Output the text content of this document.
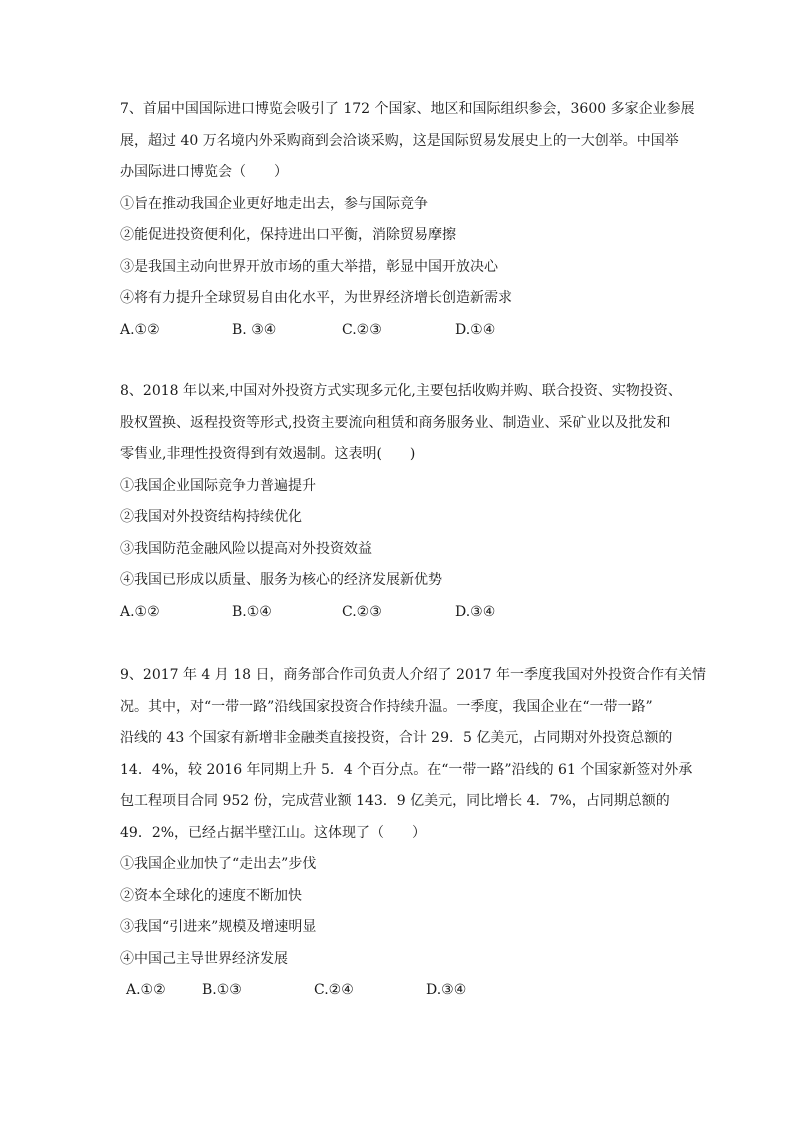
7、首届中国国际进口博览会吸引了 172 个国家、地区和国际组织参会，3600 多家企业参展
展，超过 40 万名境内外采购商到会洽谈采购，这是国际贸易发展史上的一大创举。中国举
办国际进口博览会（　　）
①旨在推动我国企业更好地走出去，参与国际竞争
②能促进投资便利化，保持进出口平衡，消除贸易摩擦
③是我国主动向世界开放市场的重大举措，彰显中国开放决心
④将有力提升全球贸易自由化水平，为世界经济增长创造新需求
A.①②	B. ③④	C.②③	D.①④
8、2018 年以来,中国对外投资方式实现多元化,主要包括收购并购、联合投资、实物投资、
股权置换、返程投资等形式,投资主要流向租赁和商务服务业、制造业、采矿业以及批发和
零售业,非理性投资得到有效遏制。这表明(　　)
①我国企业国际竞争力普遍提升
②我国对外投资结构持续优化
③我国防范金融风险以提高对外投资效益
④我国已形成以质量、服务为核心的经济发展新优势
A.①②	B.①④	C.②③	D.③④
9、2017 年 4 月 18 日，商务部合作司负责人介绍了 2017 年一季度我国对外投资合作有关情
况。其中，对“一带一路”沿线国家投资合作持续升温。一季度，我国企业在“一带一路”
沿线的 43 个国家有新增非金融类直接投资，合计 29．5 亿美元，占同期对外投资总额的
14．4%，较 2016 年同期上升 5．4 个百分点。在“一带一路”沿线的 61 个国家新签对外承
包工程项目合同 952 份，完成营业额 143．9 亿美元，同比增长 4．7%，占同期总额的
49．2%，已经占据半壁江山。这体现了（　　）
①我国企业加快了“走出去”步伐
②资本全球化的速度不断加快
③我国“引进来”规模及增速明显
④中国己主导世界经济发展
A.①②	B.①③	C.②④	D.③④
